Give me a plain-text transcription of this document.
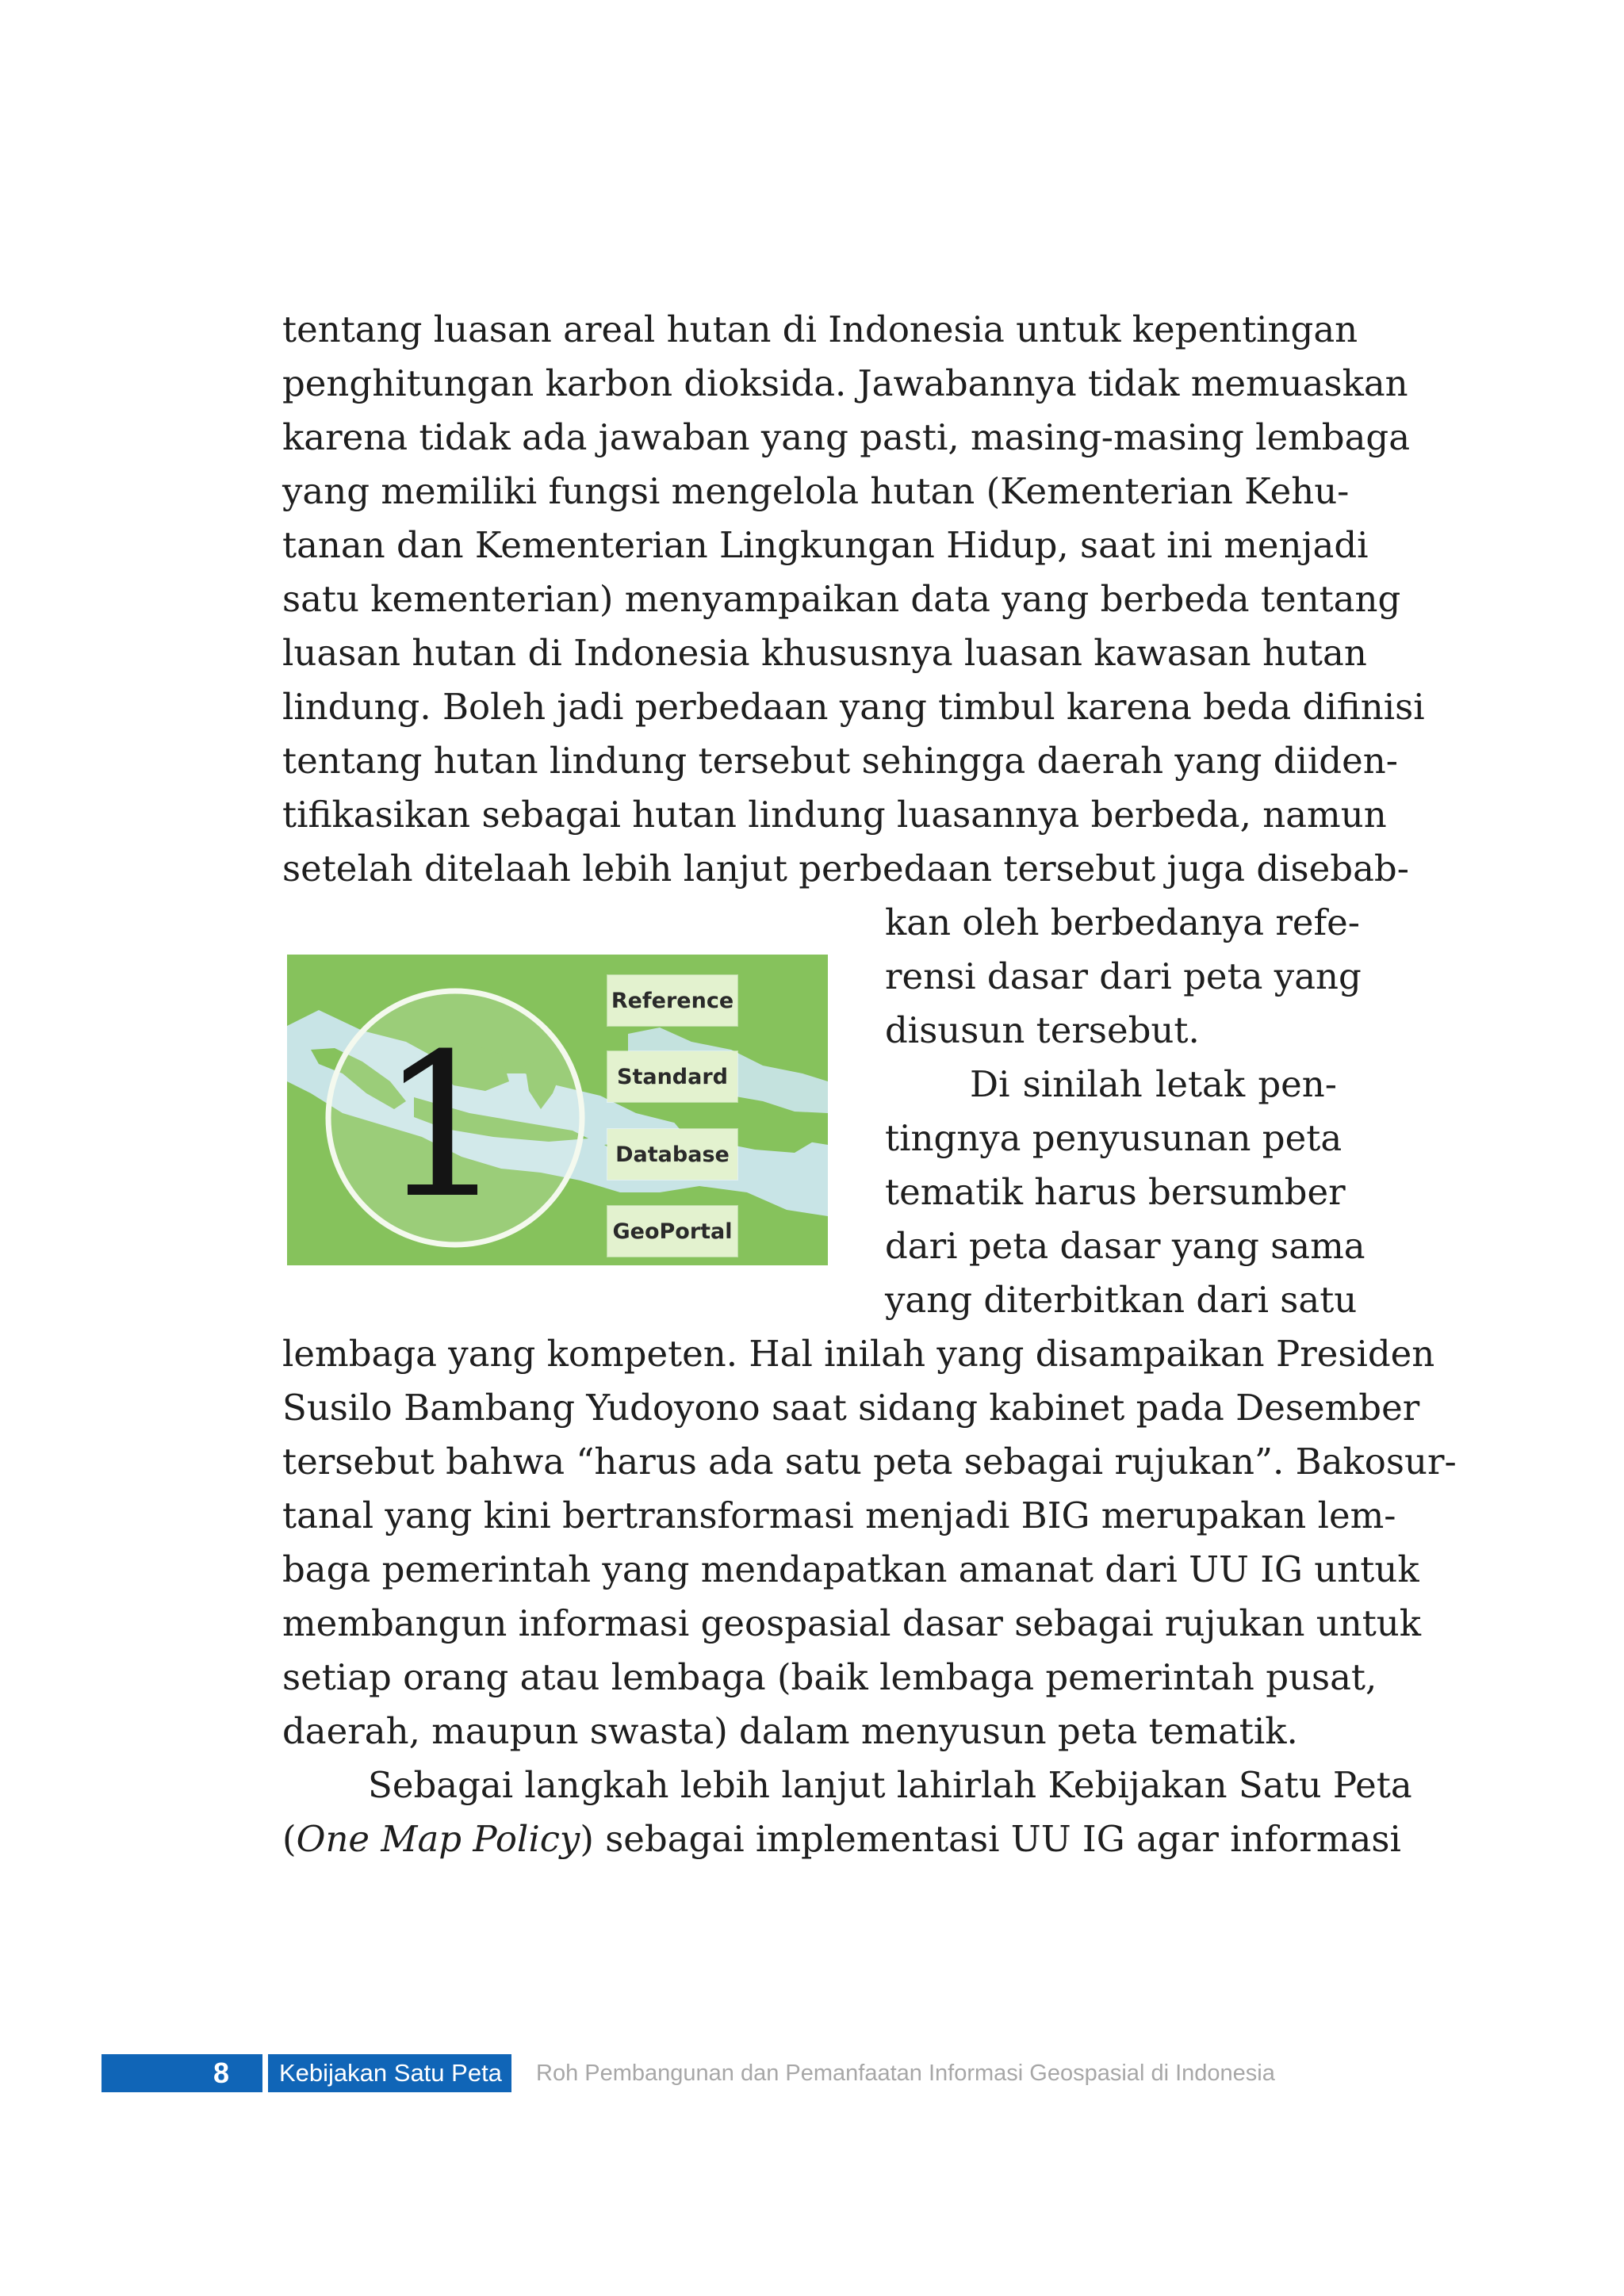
tentang luasan areal hutan di Indonesia untuk kepentingan
penghitungan karbon dioksida. Jawabannya tidak memuaskan
karena tidak ada jawaban yang pasti, masing-masing lembaga
yang memiliki fungsi mengelola hutan (Kementerian Kehu-
tanan dan Kementerian Lingkungan Hidup, saat ini menjadi
satu kementerian) menyampaikan data yang berbeda tentang
luasan hutan di Indonesia khususnya luasan kawasan hutan
lindung. Boleh jadi perbedaan yang timbul karena beda difinisi
tentang hutan lindung tersebut sehingga daerah yang diiden-
tifikasikan sebagai hutan lindung luasannya berbeda, namun
setelah ditelaah lebih lanjut perbedaan tersebut juga disebab-
kan oleh berbedanya refe-
rensi dasar dari peta yang
disusun tersebut.
Di sinilah letak pen-
tingnya penyusunan peta
tematik harus bersumber
dari peta dasar yang sama
yang diterbitkan dari satu
1
Reference
Standard
Database
GeoPortal
lembaga yang kompeten. Hal inilah yang disampaikan Presiden
Susilo Bambang Yudoyono saat sidang kabinet pada Desember
tersebut bahwa “harus ada satu peta sebagai rujukan”. Bakosur-
tanal yang kini bertransformasi menjadi BIG merupakan lem-
baga pemerintah yang mendapatkan amanat dari UU IG untuk
membangun informasi geospasial dasar sebagai rujukan untuk
setiap orang atau lembaga (baik lembaga pemerintah pusat,
daerah, maupun swasta) dalam menyusun peta tematik.
Sebagai langkah lebih lanjut lahirlah Kebijakan Satu Peta
(One Map Policy) sebagai implementasi UU IG agar informasi
8	Kebijakan Satu Peta	Roh Pembangunan dan Pemanfaatan Informasi Geospasial di Indonesia
